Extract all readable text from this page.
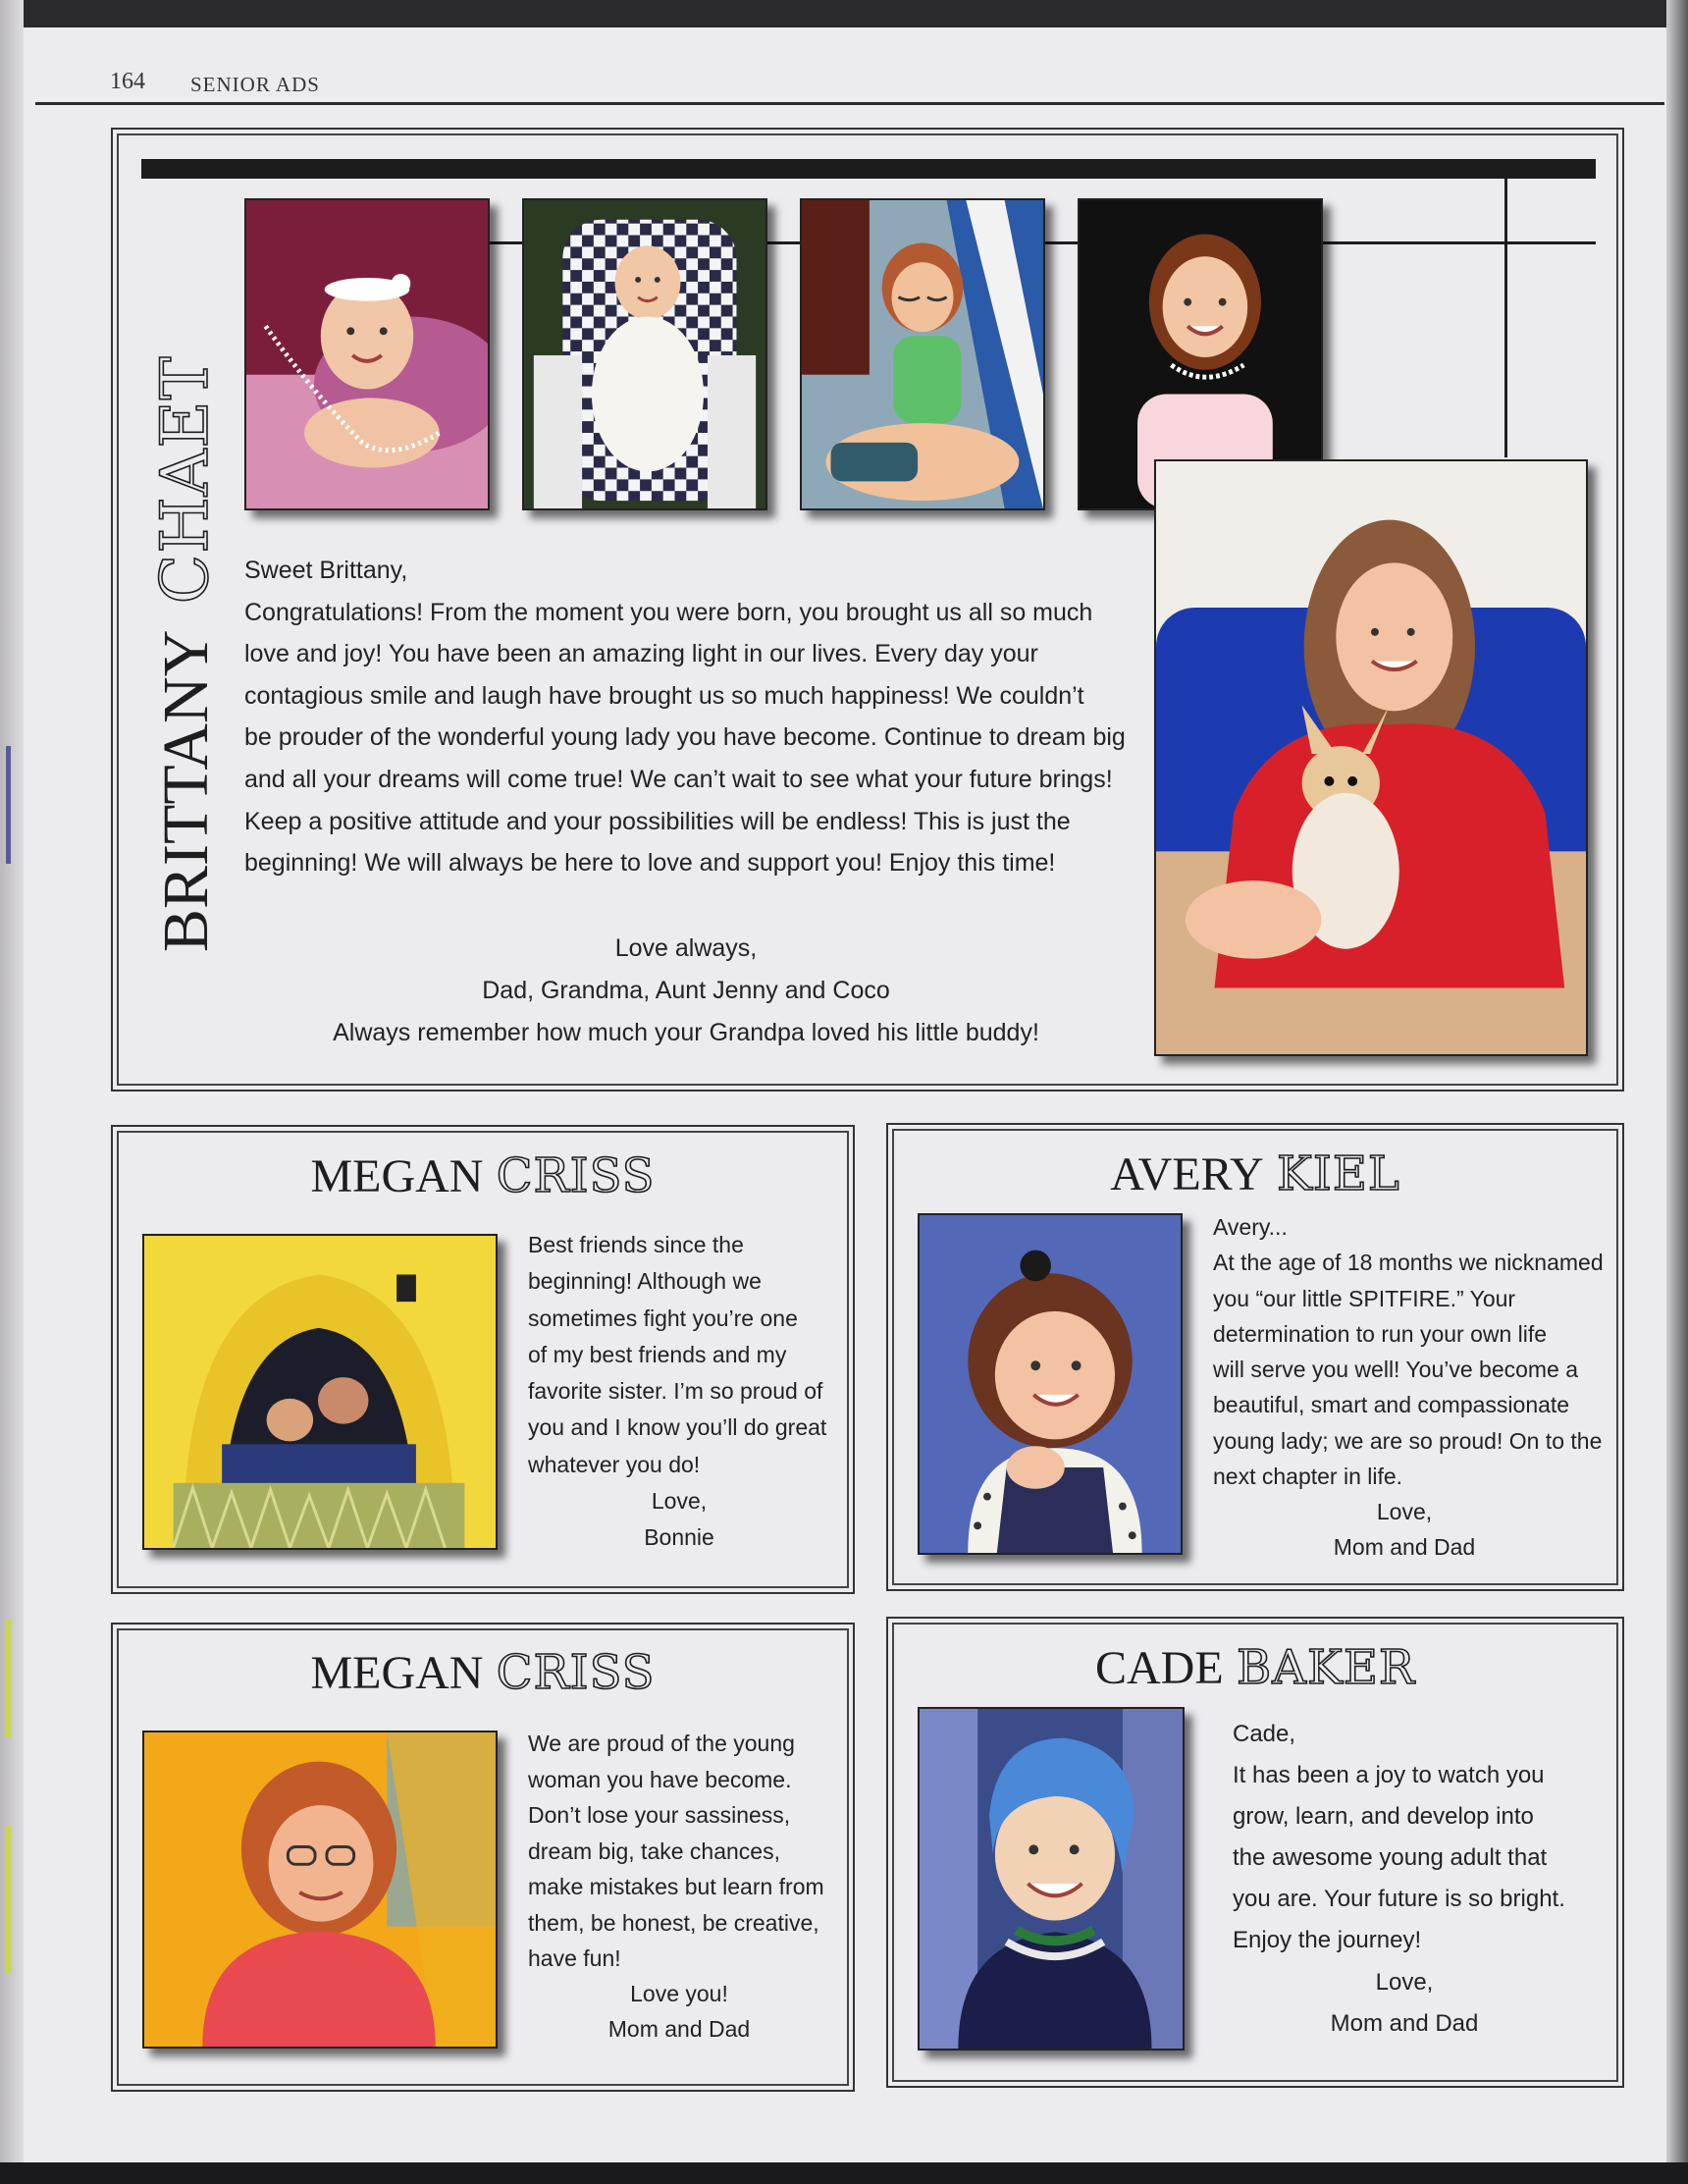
164 SENIOR ADS
BRITTANY CHAET Sweet Brittany,

Congratulations! From the moment you were born, you brought us all so much

love and joy! You have been an amazing light in our lives. Every day your

contagious smile and laugh have brought us so much happiness! We couldn’t

be prouder of the wonderful young lady you have become. Continue to dream big

and all your dreams will come true! We can’t wait to see what your future brings!

Keep a positive attitude and your possibilities will be endless! This is just the

beginning! We will always be here to love and support you! Enjoy this time!

Love always,

Dad, Grandma, Aunt Jenny and Coco

Always remember how much your Grandpa loved his little buddy!

MEGAN CRISS

Best friends since the

beginning! Although we

sometimes fight you’re one

of my best friends and my

favorite sister. I’m so proud of

you and I know you’ll do great

whatever you do!

Love,

Bonnie

AVERY KIEL

Avery...

At the age of 18 months we nicknamed

you “our little SPITFIRE.” Your

determination to run your own life

will serve you well! You’ve become a

beautiful, smart and compassionate

young lady; we are so proud! On to the

next chapter in life.

Love,

Mom and Dad

MEGAN CRISS

We are proud of the young

woman you have become.

Don’t lose your sassiness,

dream big, take chances,

make mistakes but learn from

them, be honest, be creative,

have fun!

Love you!

Mom and Dad

CADE BAKER

Cade,

It has been a joy to watch you

grow, learn, and develop into

the awesome young adult that

you are. Your future is so bright.

Enjoy the journey!

Love,

Mom and Dad
